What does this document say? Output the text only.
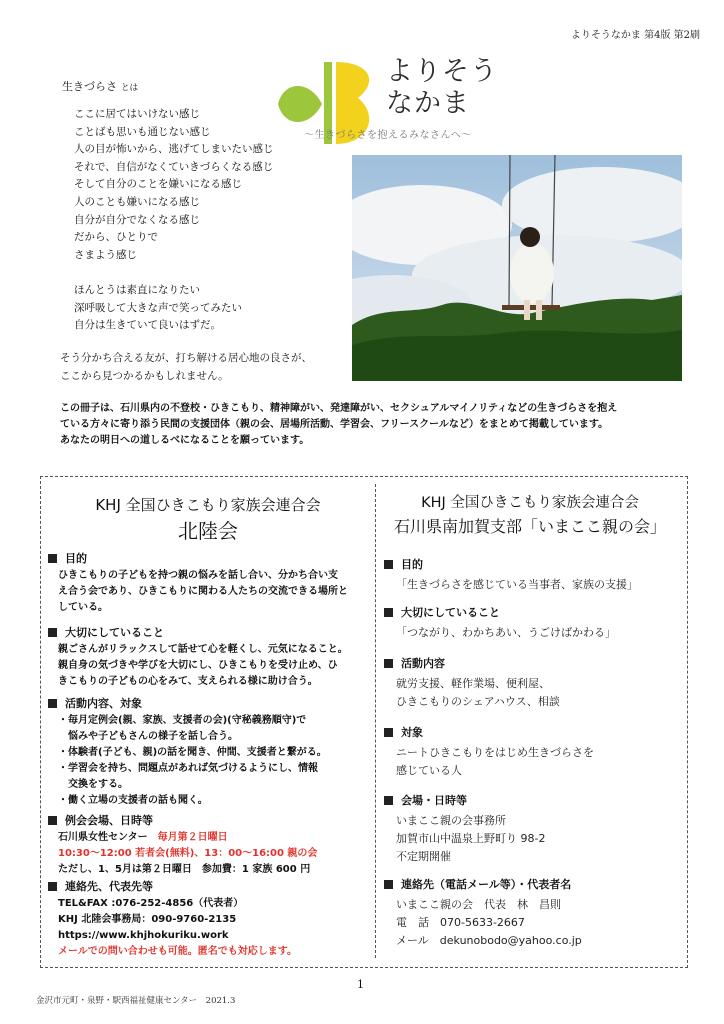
よりそうなかま 第4版 第2刷
生きづらさ とは
ここに居てはいけない感じ
ことばも思いも通じない感じ
人の目が怖いから、逃げてしまいたい感じ
それで、自信がなくていきづらくなる感じ
そして自分のことを嫌いになる感じ
人のことも嫌いになる感じ
自分が自分でなくなる感じ
だから、ひとりで
さまよう感じ
ほんとうは素直になりたい
深呼吸して大きな声で笑ってみたい
自分は生きていて良いはずだ。
そう分かち合える友が、打ち解ける居心地の良さが、
ここから見つかるかもしれません。
よりそう
なかま
〜生きづらさを抱えるみなさんへ〜
この冊子は、石川県内の不登校・ひきこもり、精神障がい、発達障がい、セクシュアルマイノリティなどの生きづらさを抱え
ている方々に寄り添う民間の支援団体（親の会、居場所活動、学習会、フリースクールなど）をまとめて掲載しています。
あなたの明日への道しるべになることを願っています。
KHJ 全国ひきこもり家族会連合会
北陸会
目的
ひきこもりの子どもを持つ親の悩みを話し合い、分かち合い支
え合う会であり、ひきこもりに関わる人たちの交流できる場所と
している。
大切にしていること
親ごさんがリラックスして話せて心を軽くし、元気になること。
親自身の気づきや学びを大切にし、ひきこもりを受け止め、ひ
きこもりの子どもの心をみて、支えられる様に助け合う。
活動内容、対象
・毎月定例会(親、家族、支援者の会)(守秘義務順守)で
　悩みや子どもさんの様子を話し合う。
・体験者(子ども、親)の話を聞き、仲間、支援者と繋がる。
・学習会を持ち、問題点があれば気づけるようにし、情報
　交換をする。
・働く立場の支援者の話も聞く。
例会会場、日時等
石川県女性センター　 毎月第２日曜日
10:30〜12:00 若者会(無料)、13：00〜16:00 親の会
ただし、1、5月は第２日曜日　参加費：1 家族 600 円
連絡先、代表先等
TEL&FAX :076-252-4856（代表者）
KHJ 北陸会事務局：090-9760-2135
https://www.khjhokuriku.work
メールでの問い合わせも可能。匿名でも対応します。
KHJ 全国ひきこもり家族会連合会
石川県南加賀支部「いまここ親の会」
目的
「生きづらさを感じている当事者、家族の支援」
大切にしていること
「つながり、わかちあい、うごけばかわる」
活動内容
就労支援、軽作業場、便利屋、
ひきこもりのシェアハウス、相談
対象
ニートひきこもりをはじめ生きづらさを
感じている人
会場・日時等
いまここ親の会事務所
加賀市山中温泉上野町り 98-2
不定期開催
連絡先（電話メール等）・代表者名
いまここ親の会　代表　林　昌則
電　話　 070-5633-2667
メール　 dekunobodo@yahoo.co.jp
1
金沢市元町・泉野・駅西福祉健康センター　2021.3
